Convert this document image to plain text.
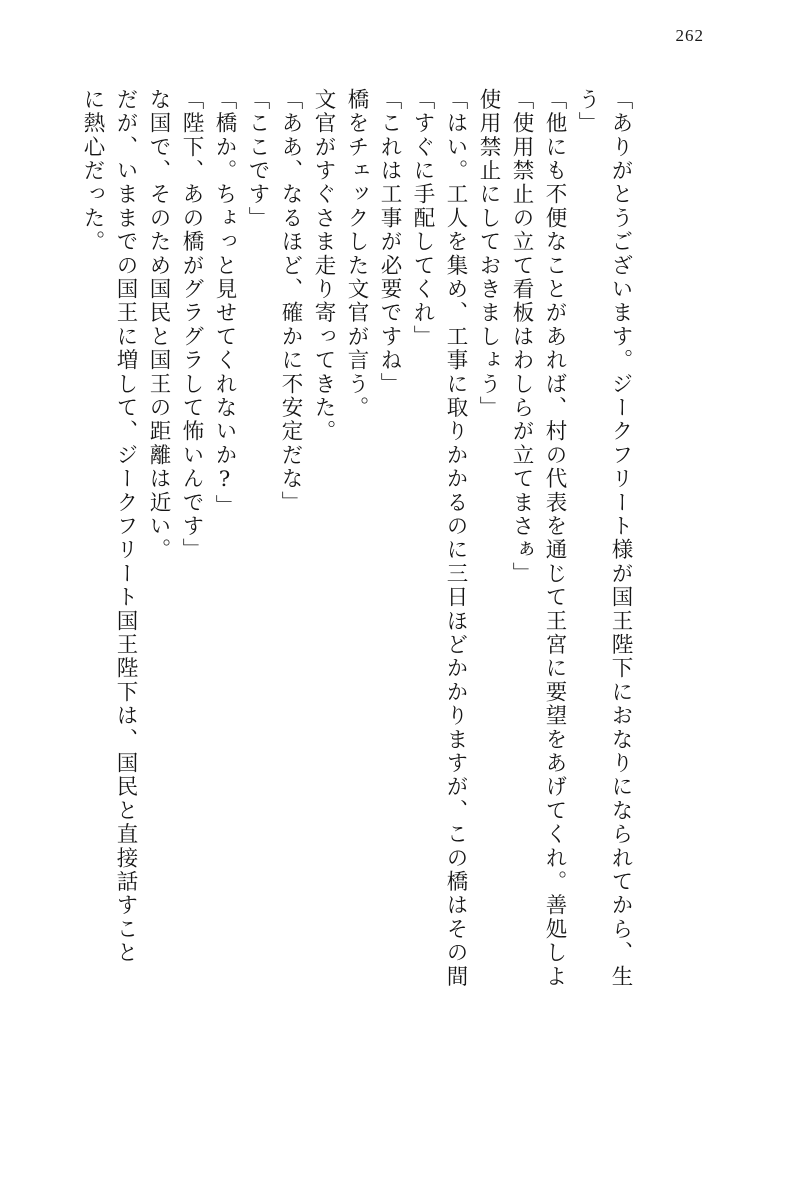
262
に熱心だった。 だが、いままでの国王に増して、ジークフリート国王陛下は、国民と直接話すこと な国で、そのため国民と国王の距離は近い。 「陛下、あの橋がグラグラして怖いんです」 「橋か。ちょっと見せてくれないか?」 「ここです」 「ああ、なるほど、確かに不安定だな」 文官がすぐさま走り寄ってきた。 橋をチェックした文官が言う。 「これは工事が必要ですね」 「すぐに手配してくれ」 「はい。工人を集め、工事に取りかかるのに三日ほどかかりますが、この橋はその間 使用禁止にしておきましょう」 「使用禁止の立て看板はわしらが立てまさぁ」 「他にも不便なことがあれば、村の代表を通じて王宮に要望をあげてくれ。善処しよ う」 「ありがとうございます。ジークフリート様が国王陛下におなりになられてから、生
